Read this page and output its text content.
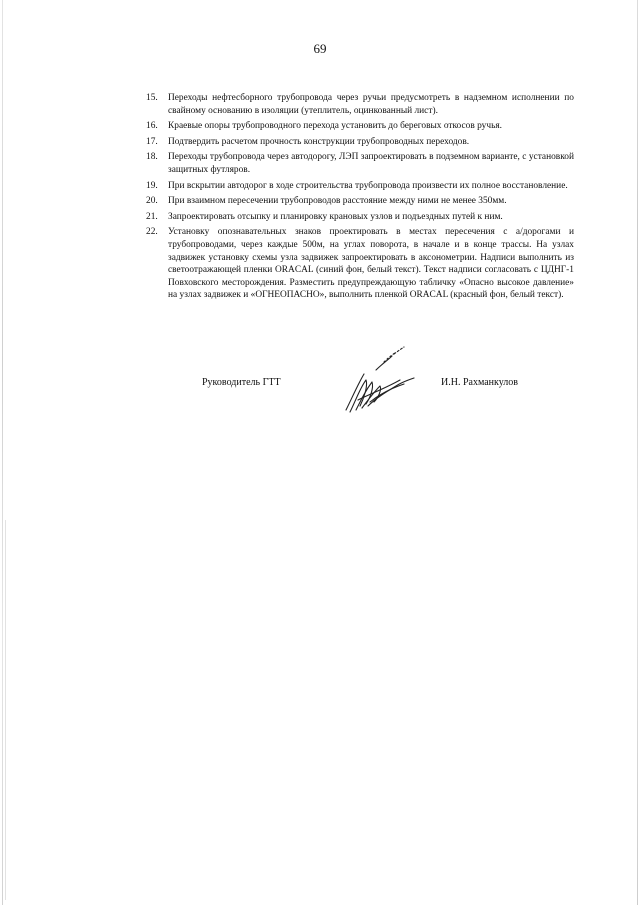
69
15. Переходы нефтесборного трубопровода через ручьи предусмотреть в надземном исполнении по свайному основанию в изоляции (утеплитель, оцинкованный лист).
16. Краевые опоры трубопроводного перехода установить до береговых откосов ручья.
17. Подтвердить расчетом прочность конструкции трубопроводных переходов.
18. Переходы трубопровода через автодорогу, ЛЭП запроектировать в подземном варианте, с установкой защитных футляров.
19. При вскрытии автодорог в ходе строительства трубопровода произвести их полное восстановление.
20. При взаимном пересечении трубопроводов расстояние между ними не менее 350мм.
21. Запроектировать отсыпку и планировку крановых узлов и подъездных путей к ним.
22. Установку опознавательных знаков проектировать в местах пересечения с а/дорогами и трубопроводами, через каждые 500м, на углах поворота, в начале и в конце трассы. На узлах задвижек установку схемы узла задвижек запроектировать в аксонометрии. Надписи выполнить из светоотражающей пленки ORACAL (синий фон, белый текст). Текст надписи согласовать с ЦДНГ-1 Повховского месторождения. Разместить предупреждающую табличку «Опасно высокое давление» на узлах задвижек и «ОГНЕОПАСНО», выполнить пленкой ORACAL (красный фон, белый текст).
Руководитель ГТТ	И.Н. Рахманкулов
